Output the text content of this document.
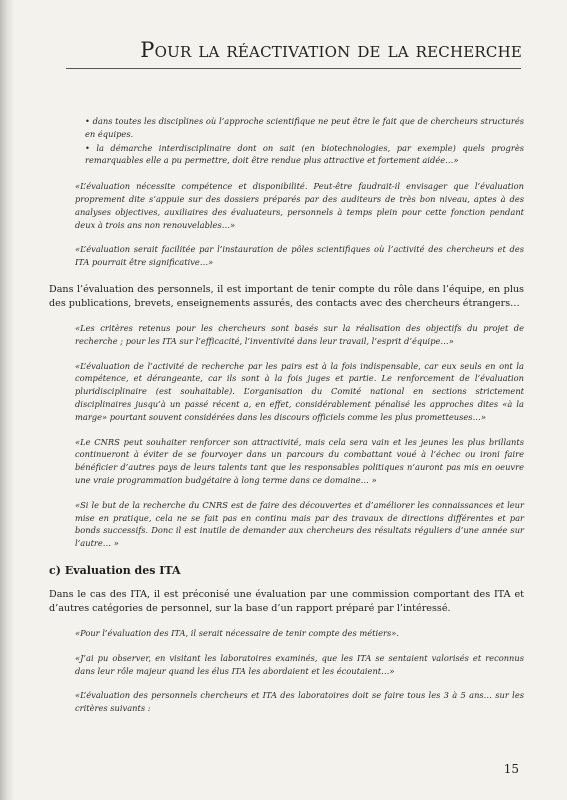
Pour la réactivation de la recherche

• dans toutes les disciplines où l’approche scientifique ne peut être le fait que de chercheurs structurés en équipes.

• la démarche interdisciplinaire dont on sait (en biotechnologies, par exemple) quels progrès remarquables elle a pu permettre, doit être rendue plus attractive et fortement aidée…»

«L’évaluation nécessite compétence et disponibilité. Peut-être faudrait-il envisager que l’évaluation proprement dite s’appuie sur des dossiers préparés par des auditeurs de très bon niveau, aptes à des analyses objectives, auxiliaires des évaluateurs, personnels à temps plein pour cette fonction pendant deux à trois ans non renouvelables…»

«L’évaluation serait facilitée par l’instauration de pôles scientifiques où l’activité des chercheurs et des ITA pourrait être significative…»

Dans l’évaluation des personnels, il est important de tenir compte du rôle dans l’équipe, en plus des publications, brevets, enseignements assurés, des contacts avec des chercheurs étrangers…

«Les critères retenus pour les chercheurs sont basés sur la réalisation des objectifs du projet de recherche ; pour les ITA sur l’efficacité, l’inventivité dans leur travail, l’esprit d’équipe…»

«L’évaluation de l’activité de recherche par les pairs est à la fois indispensable, car eux seuls en ont la compétence, et dérangeante, car ils sont à la fois juges et partie. Le renforcement de l’évaluation pluridisciplinaire (est souhaitable). L’organisation du Comité national en sections strictement disciplinaires jusqu’à un passé récent a, en effet, considérablement pénalisé les approches dites «à la marge» pourtant souvent considérées dans les discours officiels comme les plus prometteuses…»

«Le CNRS peut souhaiter renforcer son attractivité, mais cela sera vain et les jeunes les plus brillants continueront à éviter de se fourvoyer dans un parcours du combattant voué à l’échec ou ironi faire bénéficier d’autres pays de leurs talents tant que les responsables politiques n’auront pas mis en oeuvre une vraie programmation budgétaire à long terme dans ce domaine… »

«Si le but de la recherche du CNRS est de faire des découvertes et d’améliorer les connaissances et leur mise en pratique, cela ne se fait pas en continu mais par des travaux de directions différentes et par bonds successifs. Donc il est inutile de demander aux chercheurs des résultats réguliers d’une année sur l’autre… »

c) Evaluation des ITA

Dans le cas des ITA, il est préconisé une évaluation par une commission comportant des ITA et d’autres catégories de personnel, sur la base d’un rapport préparé par l’intéressé.

«Pour l’évaluation des ITA, il serait nécessaire de tenir compte des métiers».

«J’ai pu observer, en visitant les laboratoires examinés, que les ITA se sentaient valorisés et reconnus dans leur rôle majeur quand les élus ITA les abordaient et les écoutaient…»

«L’évaluation des personnels chercheurs et ITA des laboratoires doit se faire tous les 3 à 5 ans… sur les critères suivants :

15
